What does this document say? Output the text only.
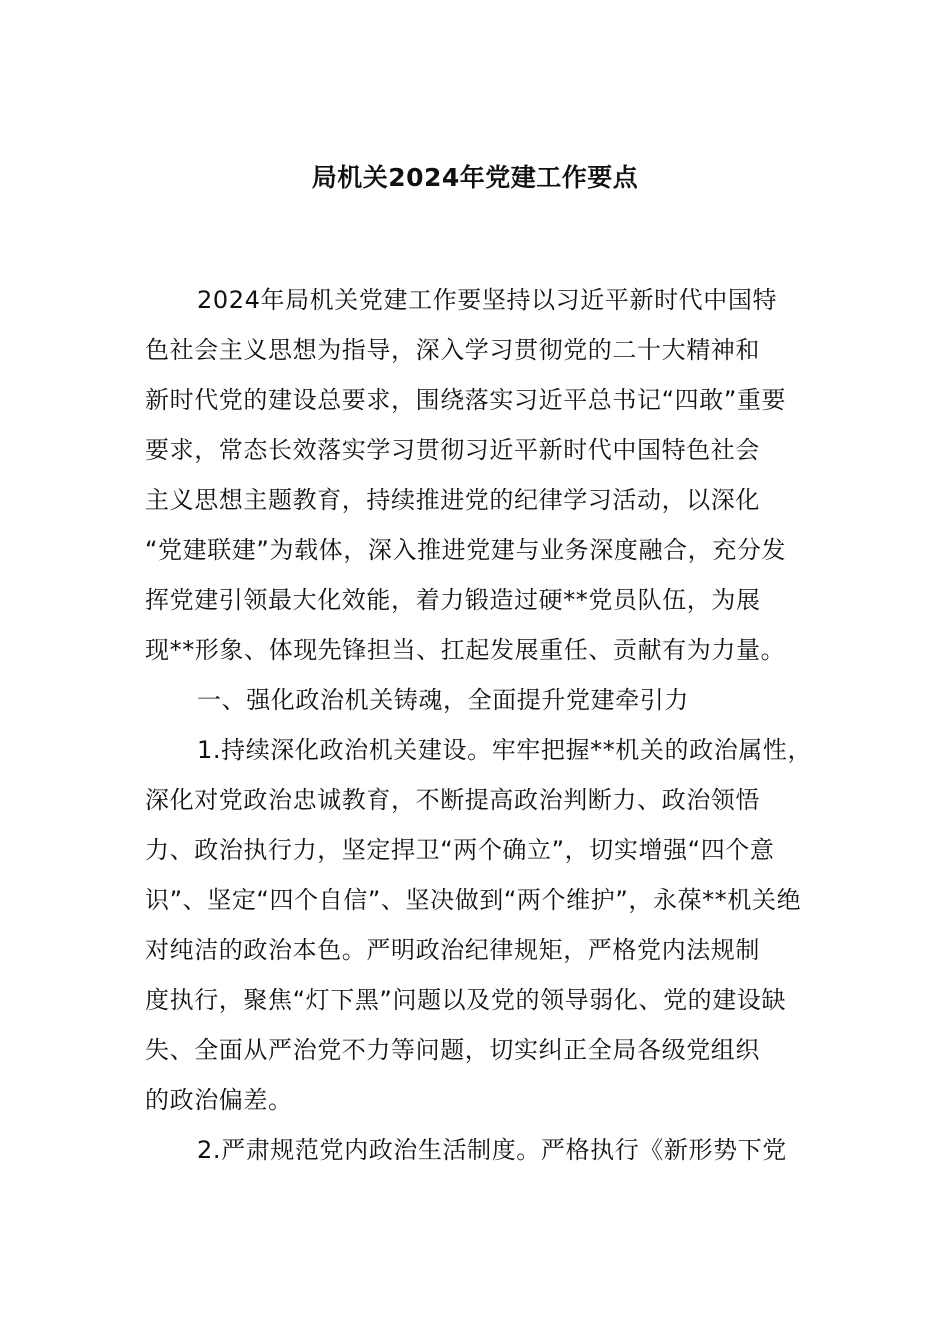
局机关2024年党建工作要点
2024年局机关党建工作要坚持以习近平新时代中国特
色社会主义思想为指导，深入学习贯彻党的二十大精神和
新时代党的建设总要求，围绕落实习近平总书记“四敢”重要
要求，常态长效落实学习贯彻习近平新时代中国特色社会
主义思想主题教育，持续推进党的纪律学习活动，以深化
“党建联建”为载体，深入推进党建与业务深度融合，充分发
挥党建引领最大化效能，着力锻造过硬**党员队伍，为展
现**形象、体现先锋担当、扛起发展重任、贡献有为力量。
一、强化政治机关铸魂，全面提升党建牵引力
1.持续深化政治机关建设。牢牢把握**机关的政治属性，
深化对党政治忠诚教育，不断提高政治判断力、政治领悟
力、政治执行力，坚定捍卫“两个确立”，切实增强“四个意
识”、坚定“四个自信”、坚决做到“两个维护”，永葆**机关绝
对纯洁的政治本色。严明政治纪律规矩，严格党内法规制
度执行，聚焦“灯下黑”问题以及党的领导弱化、党的建设缺
失、全面从严治党不力等问题，切实纠正全局各级党组织
的政治偏差。
2.严肃规范党内政治生活制度。严格执行《新形势下党
